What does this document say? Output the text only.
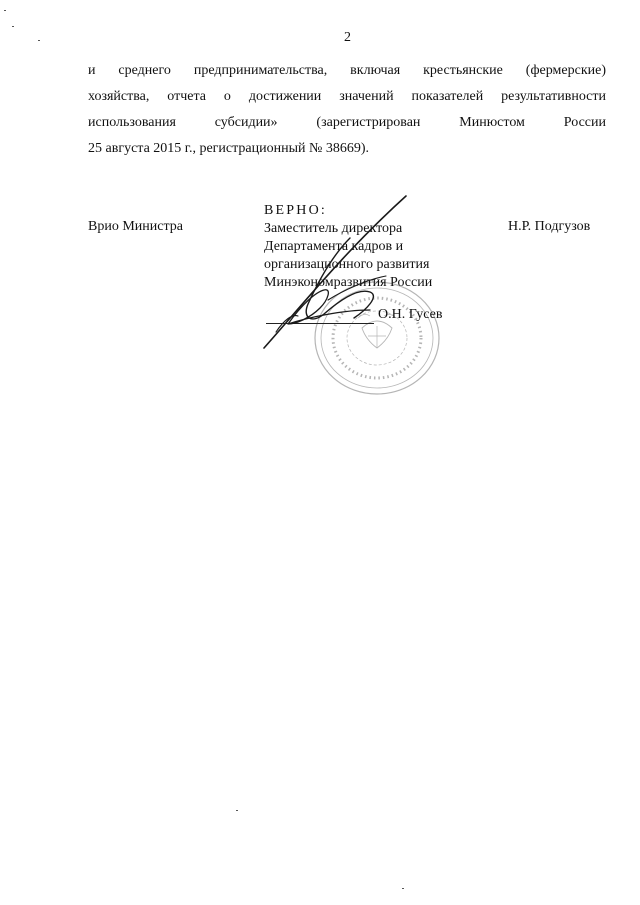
2
и среднего предпринимательства, включая крестьянские (фермерские)
хозяйства, отчета о достижении значений показателей результативности
использования субсидии» (зарегистрирован Минюстом России
25 августа 2015 г., регистрационный № 38669).
Врио Министра	Н.Р. Подгузов
ВЕРНО:
Заместитель директора
Департамента кадров и
организационного развития
Минэкономразвития России
О.Н. Гусев
